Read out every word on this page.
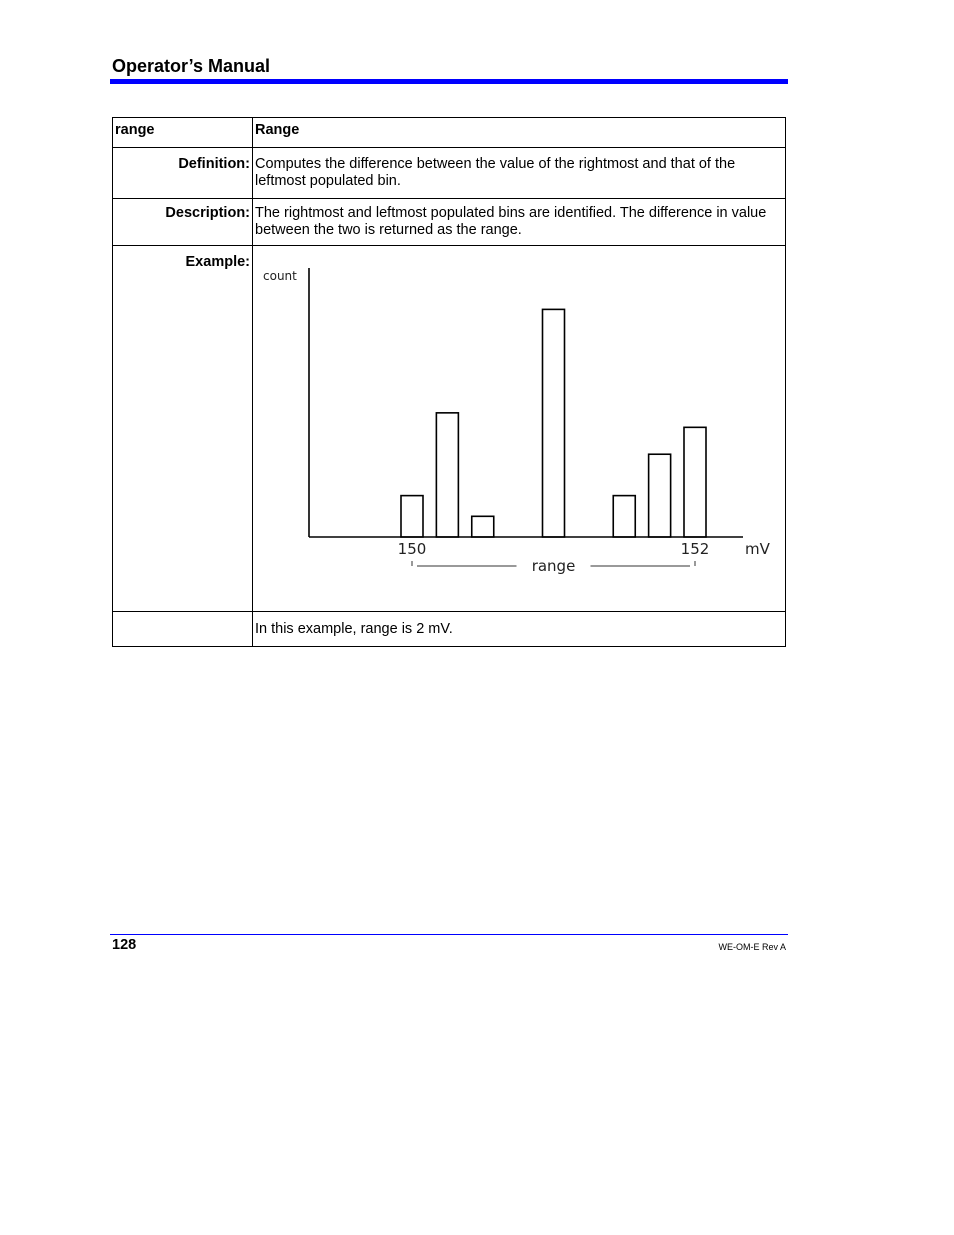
Operator’s Manual
range	Range
Definition:	Computes the difference between the value of the rightmost and that of the leftmost populated bin.
Description:	The rightmost and leftmost populated bins are identified. The difference in value between the two is returned as the range.
Example:	count
mV
150 152
range

	In this example, range is 2 mV.
128	WE-OM-E Rev A
